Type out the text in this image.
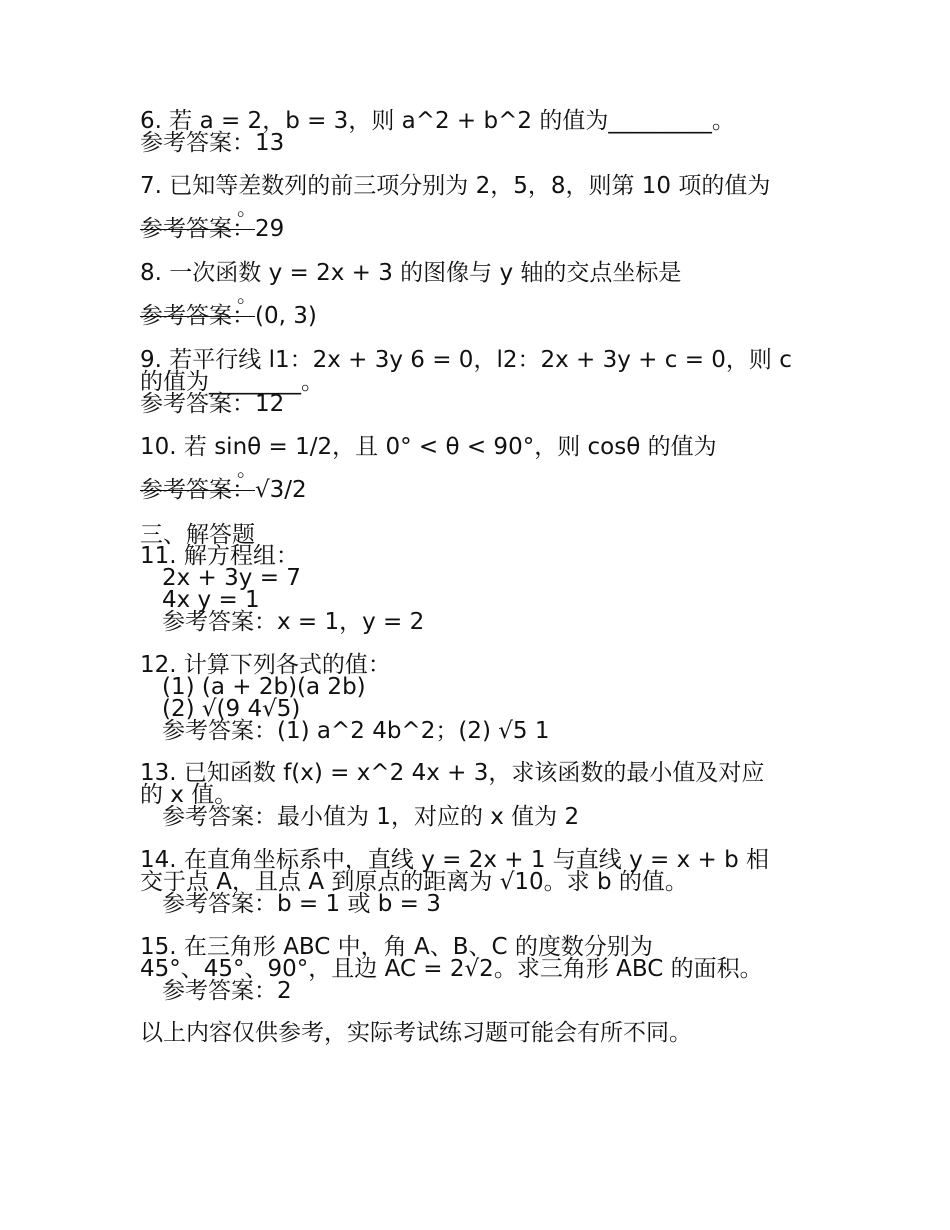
6. 若 a = 2，b = 3，则 a^2 + b^2 的值为_________。
参考答案：13
7. 已知等差数列的前三项分别为 2，5，8，则第 10 项的值为
。
参考答案：29
8. 一次函数 y = 2x + 3 的图像与 y 轴的交点坐标是
。
参考答案：(0, 3)
9. 若平行线 l1：2x + 3y 6 = 0，l2：2x + 3y + c = 0，则 c
的值为________。
参考答案：12
10. 若 sinθ = 1/2，且 0° < θ < 90°，则 cosθ 的值为
。
参考答案：√3/2
三、解答题
11. 解方程组：
2x + 3y = 7
4x y = 1
参考答案：x = 1，y = 2
12. 计算下列各式的值：
(1) (a + 2b)(a 2b)
(2) √(9 4√5)
参考答案：(1) a^2 4b^2；(2) √5 1
13. 已知函数 f(x) = x^2 4x + 3，求该函数的最小值及对应
的 x 值。
参考答案：最小值为 1，对应的 x 值为 2
14. 在直角坐标系中，直线 y = 2x + 1 与直线 y = x + b 相
交于点 A，且点 A 到原点的距离为 √10。求 b 的值。
参考答案：b = 1 或 b = 3
15. 在三角形 ABC 中，角 A、B、C 的度数分别为
45°、45°、90°，且边 AC = 2√2。求三角形 ABC 的面积。
参考答案：2
以上内容仅供参考，实际考试练习题可能会有所不同。
